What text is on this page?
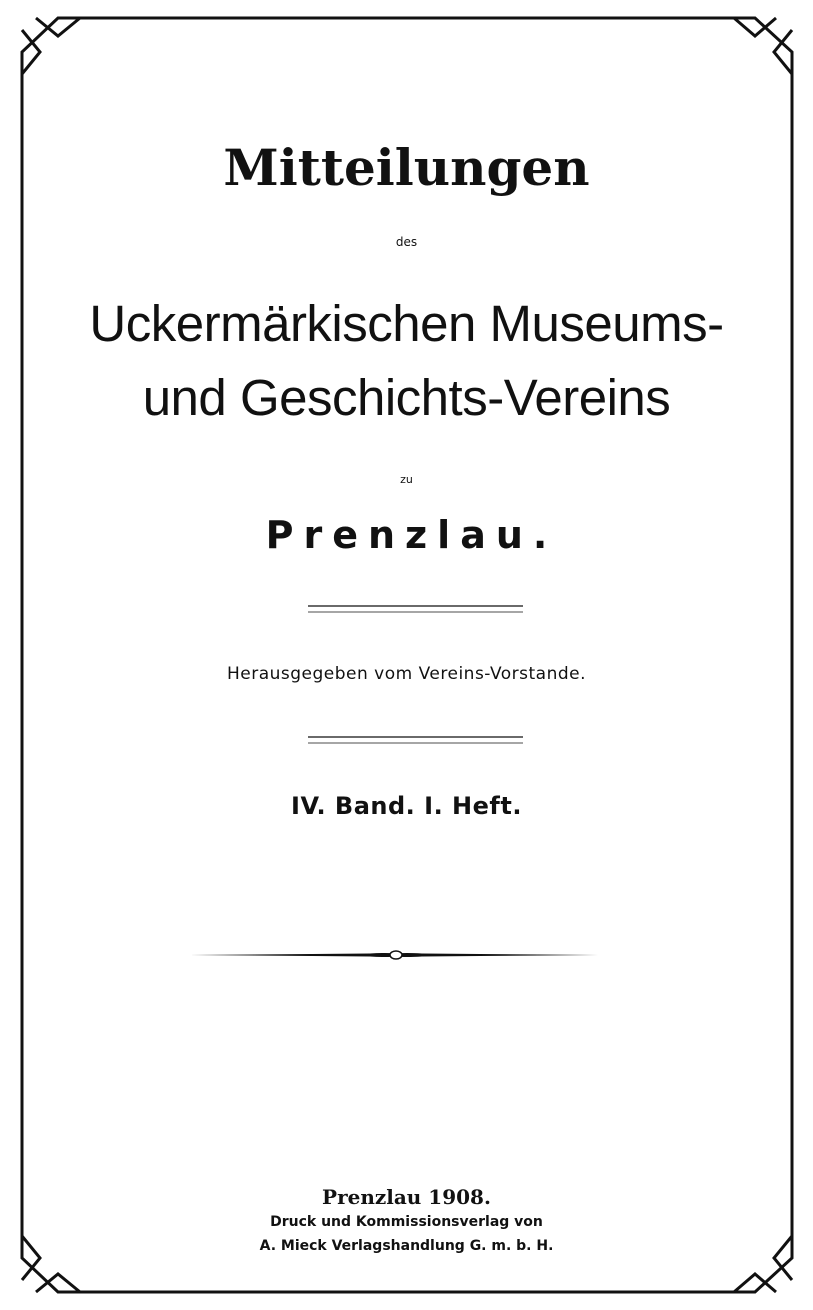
Mitteilungen
des
Uckermärkischen Museums-
und Geschichts-Vereins
zu
Prenzlau.
Herausgegeben vom Vereins-Vorstande.
IV. Band. I. Heft.
Prenzlau 1908.
Druck und Kommissionsverlag von
A. Mieck Verlagshandlung G. m. b. H.
